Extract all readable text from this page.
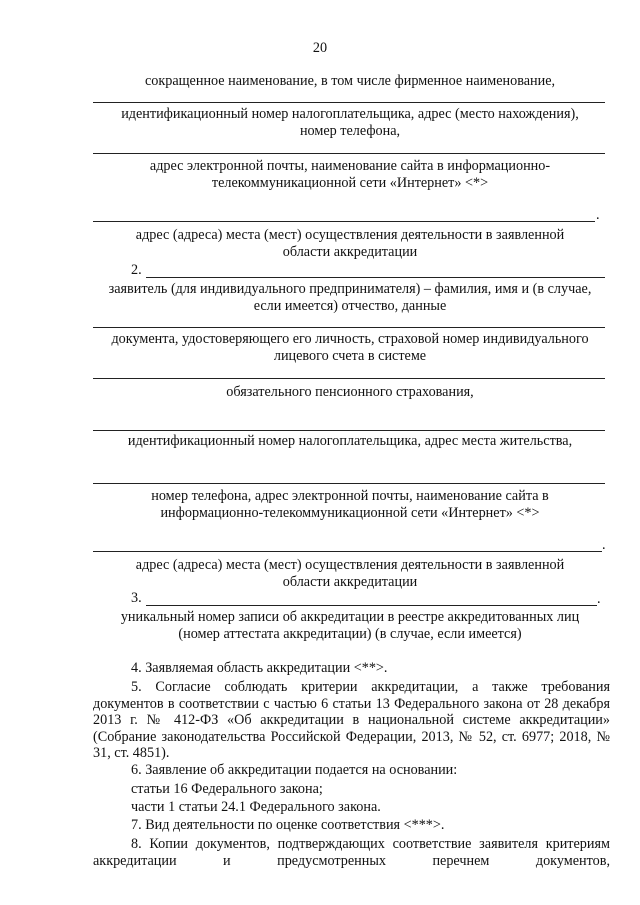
20
сокращенное наименование, в том числе фирменное наименование,
идентификационный номер налогоплательщика, адрес (место нахождения),
номер телефона,
адрес электронной почты, наименование сайта в информационно-
телекоммуникационной сети «Интернет» <*>
.
адрес (адреса) места (мест) осуществления деятельности в заявленной
области аккредитации
2.
заявитель (для индивидуального предпринимателя) – фамилия, имя и (в случае,
если имеется) отчество, данные
документа, удостоверяющего его личность, страховой номер индивидуального
лицевого счета в системе
обязательного пенсионного страхования,
идентификационный номер налогоплательщика, адрес места жительства,
номер телефона, адрес электронной почты, наименование сайта в
информационно-телекоммуникационной сети «Интернет» <*>
.
адрес (адреса) места (мест) осуществления деятельности в заявленной
области аккредитации
3.	.
уникальный номер записи об аккредитации в реестре аккредитованных лиц
(номер аттестата аккредитации) (в случае, если имеется)
4. Заявляемая область аккредитации <**>.
5. Согласие соблюдать критерии аккредитации, а также требования документов в соответствии с частью 6 статьи 13 Федерального закона от 28 декабря 2013 г. № 412-ФЗ «Об аккредитации в национальной системе аккредитации» (Собрание законодательства Российской Федерации, 2013, № 52, ст. 6977; 2018, № 31, ст. 4851).
6. Заявление об аккредитации подается на основании:
статьи 16 Федерального закона;
части 1 статьи 24.1 Федерального закона.
7. Вид деятельности по оценке соответствия <***>.
8. Копии документов, подтверждающих соответствие заявителя критериям аккредитации и предусмотренных перечнем документов,
